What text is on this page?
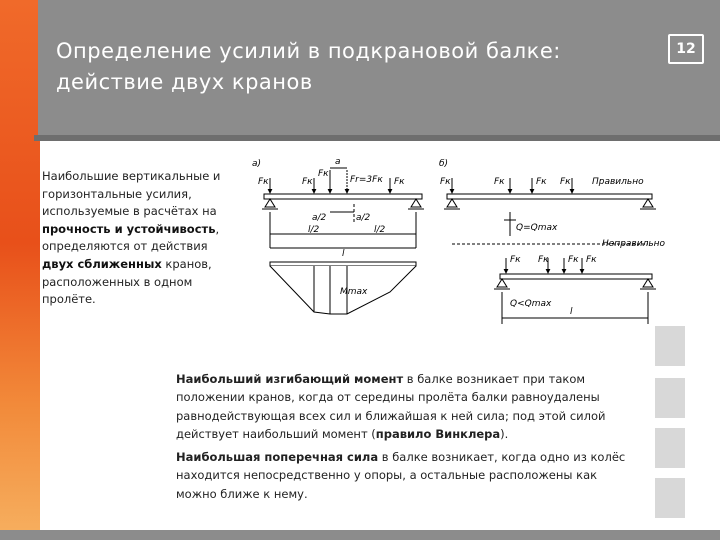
Определение усилий в подкрановой балке:
действие двух кранов
12
Наибольшие вертикальные и горизонтальные усилия, используемые в расчётах на прочность и устойчивость, определяются от действия двух сближенных кранов, расположенных в одном пролёте.
а)	б)
Fк	Fк
Fк
a
Fr=3Fк Fк
a/2	a/2
l/2	l/2
l
Mmax
Fк	Fк	Fк Fк Правильно
Q=Qmax
Неправильно
Fк Fк Fк Fк
Q<Qmax
l
Наибольший изгибающий момент в балке возникает при таком положении кранов, когда от середины пролёта балки равноудалены равнодействующая всех сил и ближайшая к ней сила; под этой силой действует наибольший момент (правило Винклера).
Наибольшая поперечная сила в балке возникает, когда одно из колёс находится непосредственно у опоры, а остальные расположены как можно ближе к нему.
